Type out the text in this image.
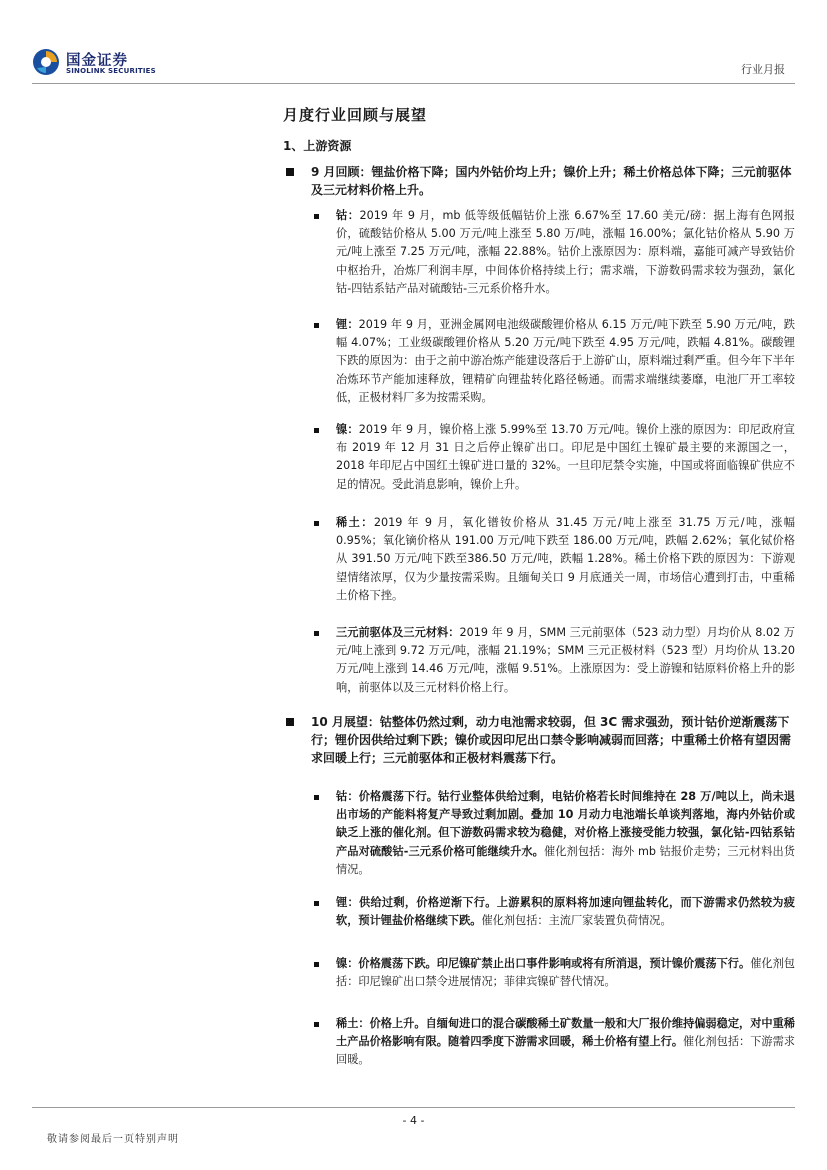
国金证券
SINOLINK SECURITIES	行业月报
月度行业回顾与展望
1、上游资源
9 月回顾：锂盐价格下降；国内外钴价均上升；镍价上升；稀土价格总体下降；三元前驱体及三元材料价格上升。
钴：2019 年 9 月，mb 低等级低幅钴价上涨 6.67%至 17.60 美元/磅：据上海有色网报价，硫酸钴价格从 5.00 万元/吨上涨至 5.80 万/吨，涨幅 16.00%；氯化钴价格从 5.90 万元/吨上涨至 7.25 万元/吨，涨幅 22.88%。钴价上涨原因为：原料端，嘉能可减产导致钴价中枢抬升，冶炼厂利润丰厚，中间体价格持续上行；需求端，下游数码需求较为强劲，氯化钴-四钴系钴产品对硫酸钴-三元系价格升水。
锂：2019 年 9 月，亚洲金属网电池级碳酸锂价格从 6.15 万元/吨下跌至 5.90 万元/吨，跌幅 4.07%；工业级碳酸锂价格从 5.20 万元/吨下跌至 4.95 万元/吨，跌幅 4.81%。碳酸锂下跌的原因为：由于之前中游冶炼产能建设落后于上游矿山，原料端过剩严重。但今年下半年冶炼环节产能加速释放，锂精矿向锂盐转化路径畅通。而需求端继续萎靡，电池厂开工率较低，正极材料厂多为按需采购。
镍：2019 年 9 月，镍价格上涨 5.99%至 13.70 万元/吨。镍价上涨的原因为：印尼政府宣布 2019 年 12 月 31 日之后停止镍矿出口。印尼是中国红土镍矿最主要的来源国之一，2018 年印尼占中国红土镍矿进口量的 32%。一旦印尼禁令实施，中国或将面临镍矿供应不足的情况。受此消息影响，镍价上升。
稀土：2019 年 9 月，氧化镨钕价格从 31.45 万元/吨上涨至 31.75 万元/吨，涨幅 0.95%；氧化镝价格从 191.00 万元/吨下跌至 186.00 万元/吨，跌幅 2.62%；氧化铽价格从 391.50 万元/吨下跌至386.50 万元/吨，跌幅 1.28%。稀土价格下跌的原因为：下游观望情绪浓厚，仅为少量按需采购。且缅甸关口 9 月底通关一周，市场信心遭到打击，中重稀土价格下挫。
三元前驱体及三元材料：2019 年 9 月，SMM 三元前驱体（523 动力型）月均价从 8.02 万元/吨上涨到 9.72 万元/吨，涨幅 21.19%；SMM 三元正极材料（523 型）月均价从 13.20 万元/吨上涨到 14.46 万元/吨，涨幅 9.51%。上涨原因为：受上游镍和钴原料价格上升的影响，前驱体以及三元材料价格上行。
10 月展望：钴整体仍然过剩，动力电池需求较弱，但 3C 需求强劲，预计钴价逆渐震荡下行；锂价因供给过剩下跌；镍价或因印尼出口禁令影响减弱而回落；中重稀土价格有望因需求回暖上行；三元前驱体和正极材料震荡下行。
钴：价格震荡下行。钴行业整体供给过剩，电钴价格若长时间维持在 28 万/吨以上，尚未退出市场的产能料将复产导致过剩加剧。叠加 10 月动力电池端长单谈判落地，海内外钴价或缺乏上涨的催化剂。但下游数码需求较为稳健，对价格上涨接受能力较强，氯化钴-四钴系钴产品对硫酸钴-三元系价格可能继续升水。催化剂包括：海外 mb 钴报价走势；三元材料出货情况。
锂：供给过剩，价格逆渐下行。上游累积的原料将加速向锂盐转化，而下游需求仍然较为疲软，预计锂盐价格继续下跌。催化剂包括：主流厂家装置负荷情况。
镍：价格震荡下跌。印尼镍矿禁止出口事件影响或将有所消退，预计镍价震荡下行。催化剂包括：印尼镍矿出口禁令进展情况；菲律宾镍矿替代情况。
稀土：价格上升。自缅甸进口的混合碳酸稀土矿数量一般和大厂报价维持偏弱稳定，对中重稀土产品价格影响有限。随着四季度下游需求回暖，稀土价格有望上行。催化剂包括：下游需求回暖。
- 4 -
敬请参阅最后一页特别声明
